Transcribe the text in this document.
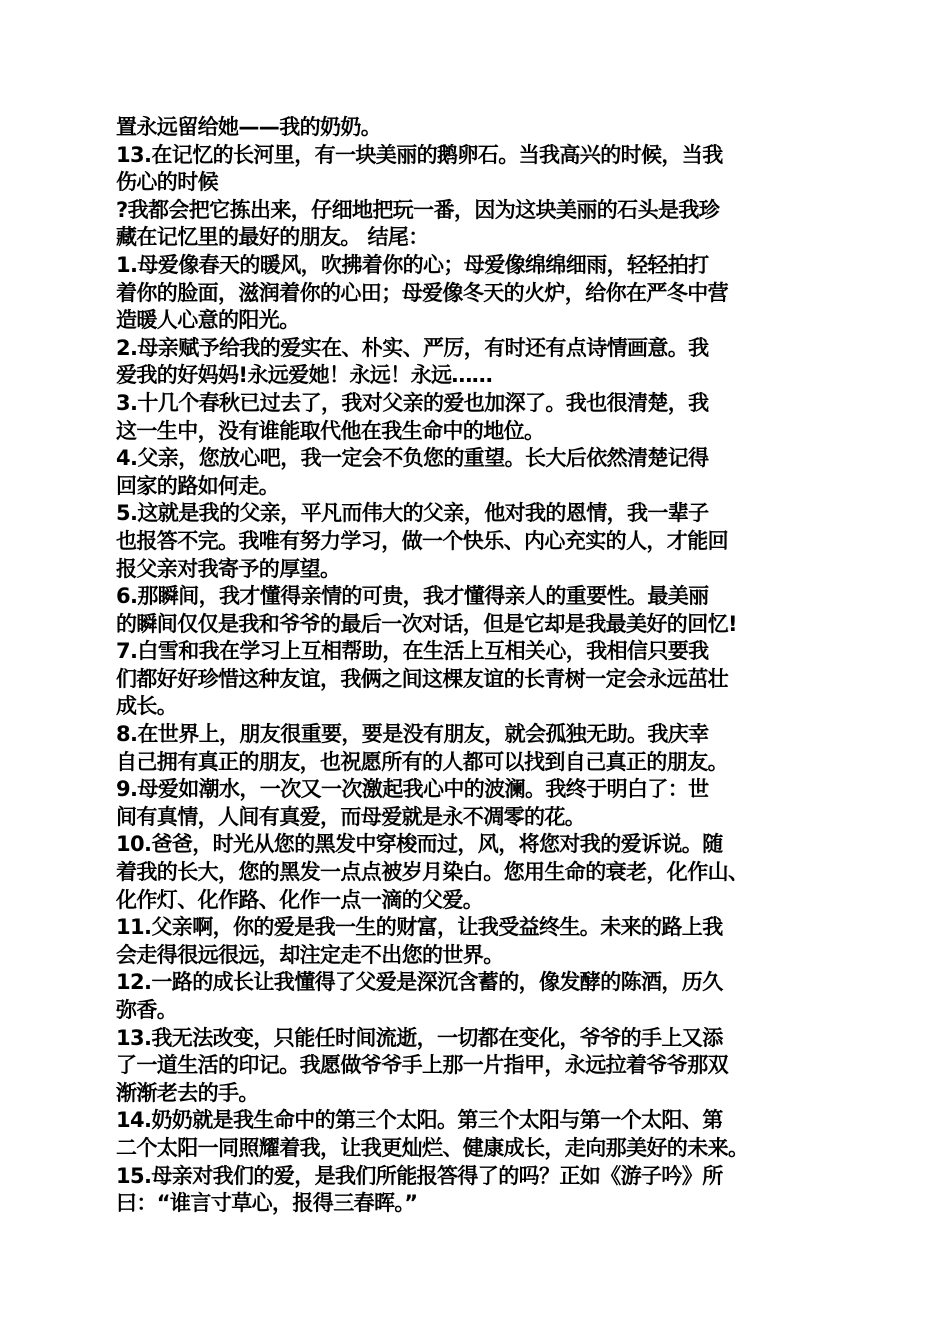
置永远留给她——我的奶奶。
13.在记忆的长河里，有一块美丽的鹅卵石。当我高兴的时候，当我
伤心的时候
?我都会把它拣出来，仔细地把玩一番，因为这块美丽的石头是我珍
藏在记忆里的最好的朋友。 结尾：
1.母爱像春天的暖风，吹拂着你的心；母爱像绵绵细雨，轻轻拍打
着你的脸面，滋润着你的心田；母爱像冬天的火炉，给你在严冬中营
造暖人心意的阳光。
2.母亲赋予给我的爱实在、朴实、严厉，有时还有点诗情画意。我
爱我的好妈妈!永远爱她！永远！永远……
3.十几个春秋已过去了，我对父亲的爱也加深了。我也很清楚，我
这一生中，没有谁能取代他在我生命中的地位。
4.父亲，您放心吧，我一定会不负您的重望。长大后依然清楚记得
回家的路如何走。
5.这就是我的父亲，平凡而伟大的父亲，他对我的恩情，我一辈子
也报答不完。我唯有努力学习，做一个快乐、内心充实的人，才能回
报父亲对我寄予的厚望。
6.那瞬间，我才懂得亲情的可贵，我才懂得亲人的重要性。最美丽
的瞬间仅仅是我和爷爷的最后一次对话，但是它却是我最美好的回忆!
7.白雪和我在学习上互相帮助，在生活上互相关心，我相信只要我
们都好好珍惜这种友谊，我俩之间这棵友谊的长青树一定会永远茁壮
成长。
8.在世界上，朋友很重要，要是没有朋友，就会孤独无助。我庆幸
自己拥有真正的朋友，也祝愿所有的人都可以找到自己真正的朋友。
9.母爱如潮水，一次又一次激起我心中的波澜。我终于明白了：世
间有真情，人间有真爱，而母爱就是永不凋零的花。
10.爸爸，时光从您的黑发中穿梭而过，风，将您对我的爱诉说。随
着我的长大，您的黑发一点点被岁月染白。您用生命的衰老，化作山、
化作灯、化作路、化作一点一滴的父爱。
11.父亲啊，你的爱是我一生的财富，让我受益终生。未来的路上我
会走得很远很远，却注定走不出您的世界。
12.一路的成长让我懂得了父爱是深沉含蓄的，像发酵的陈酒，历久
弥香。
13.我无法改变，只能任时间流逝，一切都在变化，爷爷的手上又添
了一道生活的印记。我愿做爷爷手上那一片指甲，永远拉着爷爷那双
渐渐老去的手。
14.奶奶就是我生命中的第三个太阳。第三个太阳与第一个太阳、第
二个太阳一同照耀着我，让我更灿烂、健康成长，走向那美好的未来。
15.母亲对我们的爱，是我们所能报答得了的吗？正如《游子吟》所
曰：“谁言寸草心，报得三春晖。”
